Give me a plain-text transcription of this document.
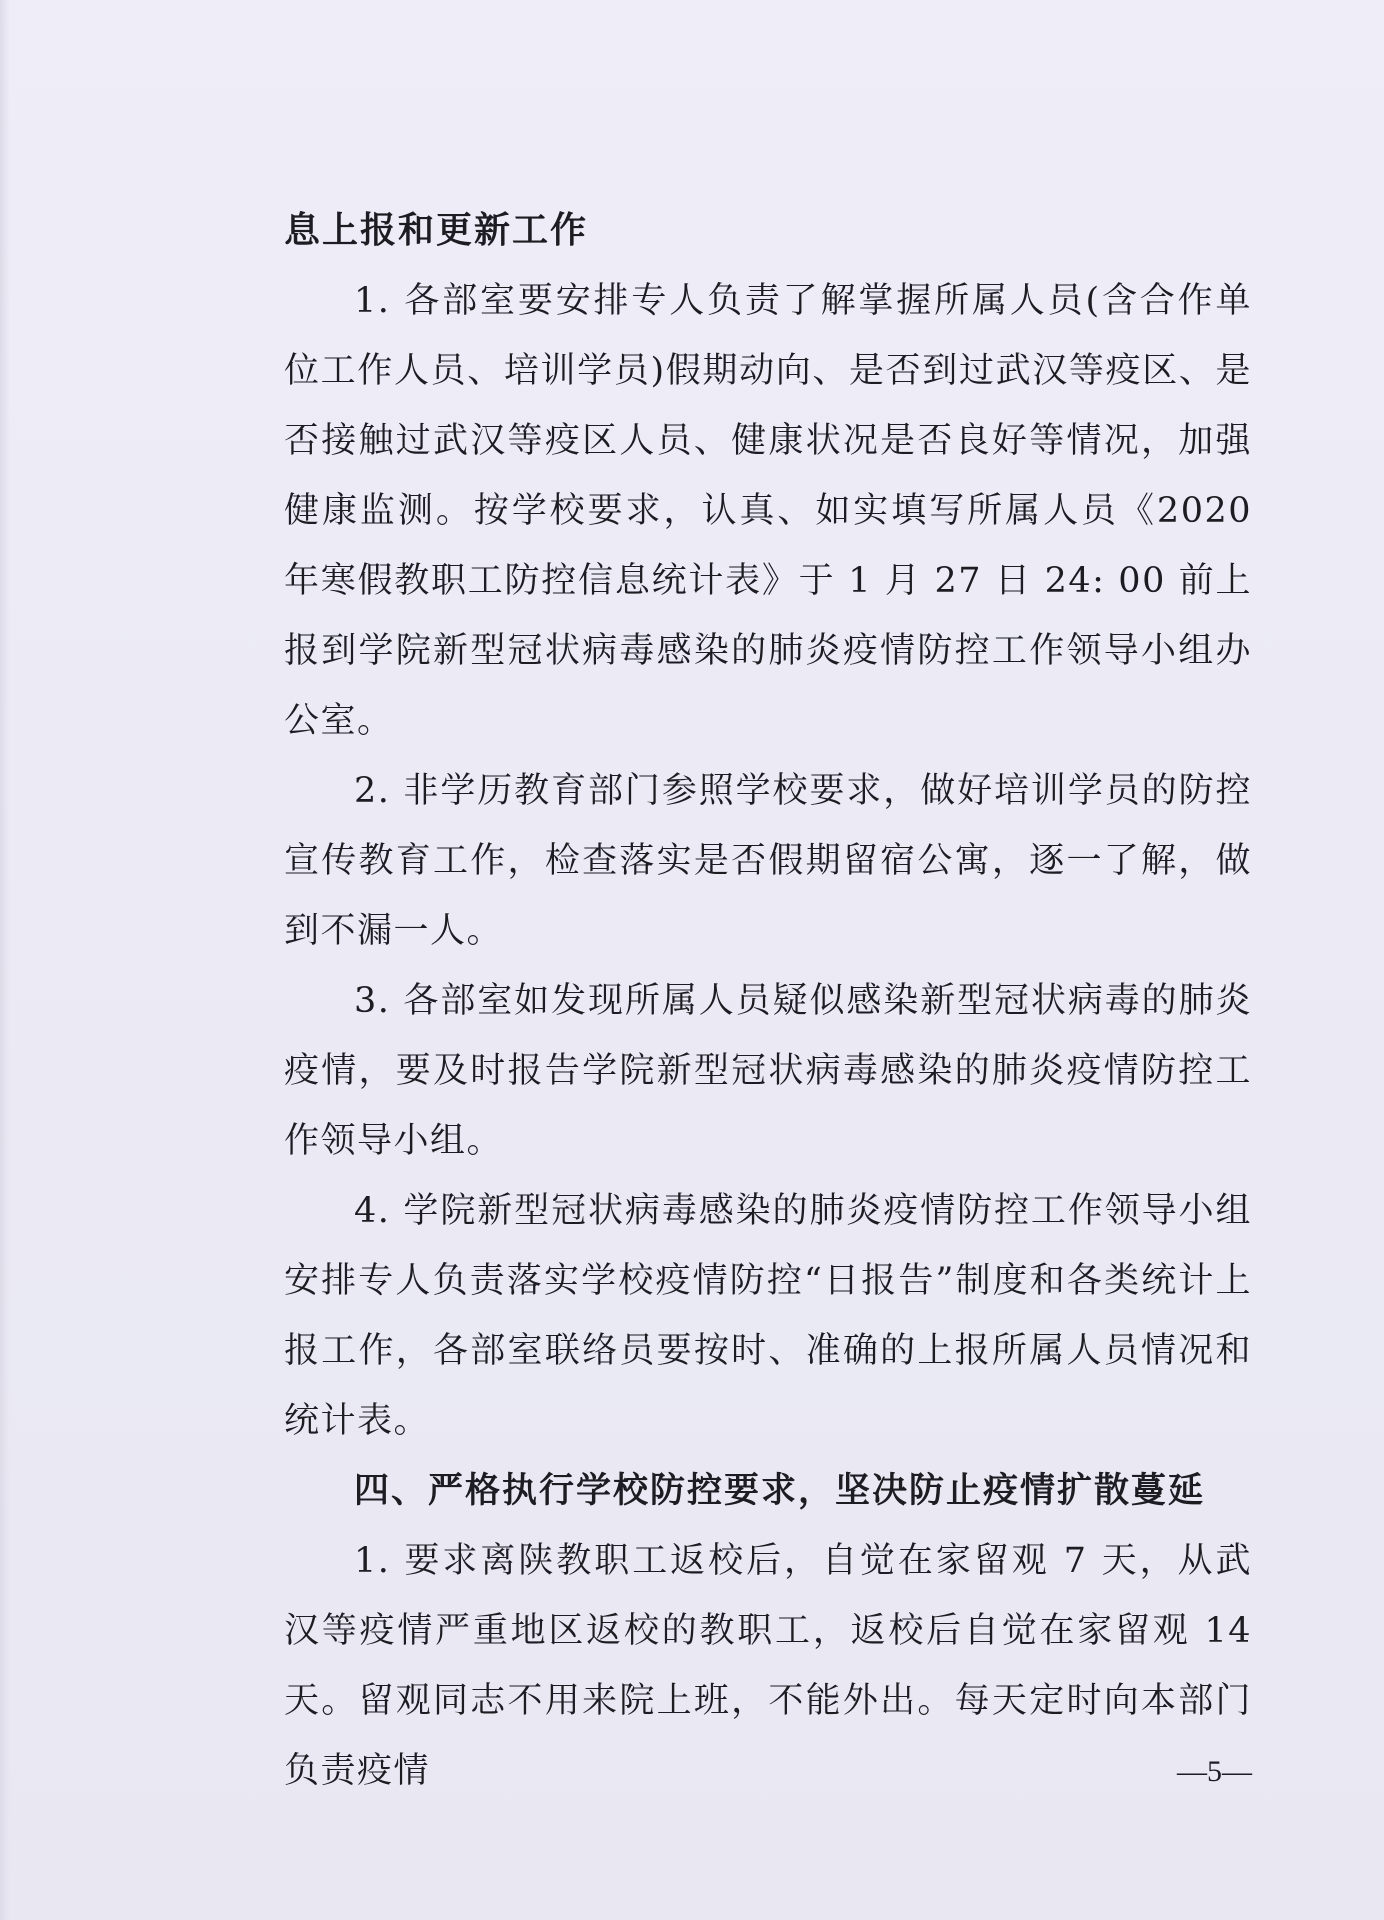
息上报和更新工作

1. 各部室要安排专人负责了解掌握所属人员(含合作单位工作人员、培训学员)假期动向、是否到过武汉等疫区、是否接触过武汉等疫区人员、健康状况是否良好等情况，加强健康监测。按学校要求，认真、如实填写所属人员《2020 年寒假教职工防控信息统计表》于 1 月 27 日 24: 00 前上报到学院新型冠状病毒感染的肺炎疫情防控工作领导小组办公室。

2. 非学历教育部门参照学校要求，做好培训学员的防控宣传教育工作，检查落实是否假期留宿公寓，逐一了解，做到不漏一人。

3. 各部室如发现所属人员疑似感染新型冠状病毒的肺炎疫情，要及时报告学院新型冠状病毒感染的肺炎疫情防控工作领导小组。

4. 学院新型冠状病毒感染的肺炎疫情防控工作领导小组安排专人负责落实学校疫情防控“日报告”制度和各类统计上报工作，各部室联络员要按时、准确的上报所属人员情况和统计表。

四、严格执行学校防控要求，坚决防止疫情扩散蔓延

1. 要求离陕教职工返校后，自觉在家留观 7 天，从武汉等疫情严重地区返校的教职工，返校后自觉在家留观 14 天。留观同志不用来院上班，不能外出。每天定时向本部门负责疫情	—5—
